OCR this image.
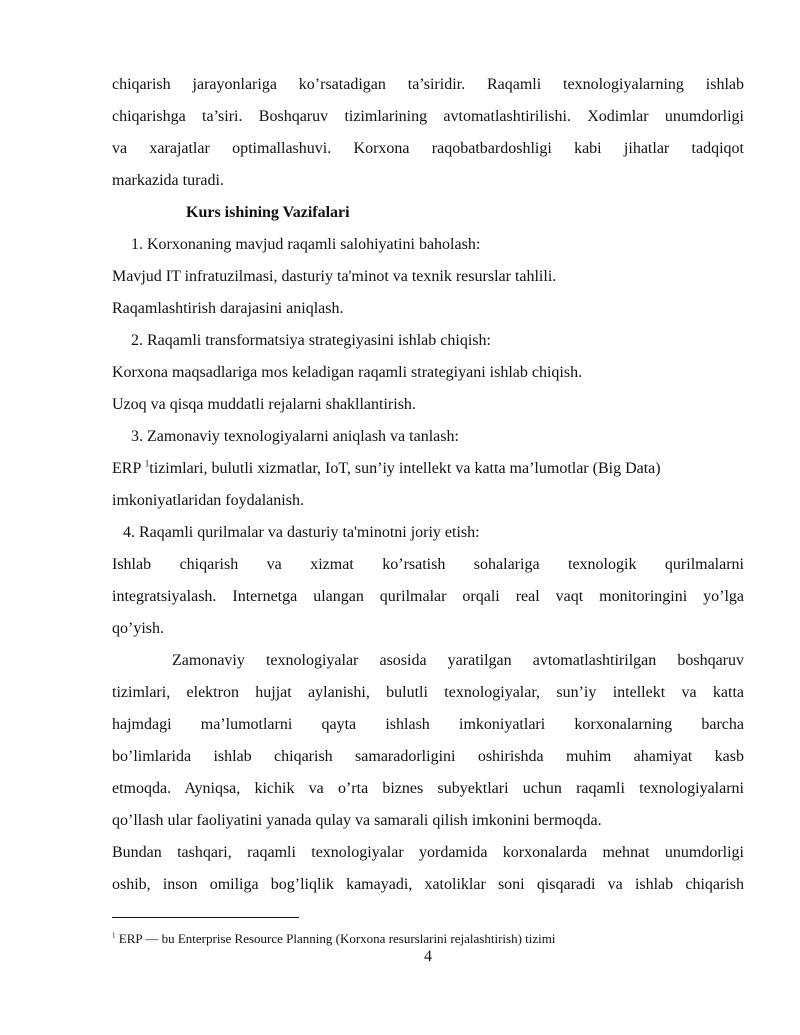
chiqarish jarayonlariga ko’rsatadigan ta’siridir. Raqamli texnologiyalarning ishlab
chiqarishga ta’siri. Boshqaruv tizimlarining avtomatlashtirilishi. Xodimlar unumdorligi
va xarajatlar optimallashuvi. Korxona raqobatbardoshligi kabi jihatlar tadqiqot
markazida turadi.
Kurs ishining Vazifalari
1. Korxonaning mavjud raqamli salohiyatini baholash:
Mavjud IT infratuzilmasi, dasturiy ta'minot va texnik resurslar tahlili.
Raqamlashtirish darajasini aniqlash.
2. Raqamli transformatsiya strategiyasini ishlab chiqish:
Korxona maqsadlariga mos keladigan raqamli strategiyani ishlab chiqish.
Uzoq va qisqa muddatli rejalarni shakllantirish.
3. Zamonaviy texnologiyalarni aniqlash va tanlash:
ERP $^1$tizimlari, bulutli xizmatlar, IoT, sun’iy intellekt va katta ma’lumotlar (Big Data)
imkoniyatlaridan foydalanish.
4. Raqamli qurilmalar va dasturiy ta'minotni joriy etish:
Ishlab chiqarish va xizmat ko’rsatish sohalariga texnologik qurilmalarni
integratsiyalash. Internetga ulangan qurilmalar orqali real vaqt monitoringini yo’lga
qo’yish.
Zamonaviy texnologiyalar asosida yaratilgan avtomatlashtirilgan boshqaruv
tizimlari, elektron hujjat aylanishi, bulutli texnologiyalar, sun’iy intellekt va katta
hajmdagi ma’lumotlarni qayta ishlash imkoniyatlari korxonalarning barcha
bo’limlarida ishlab chiqarish samaradorligini oshirishda muhim ahamiyat kasb
etmoqda. Ayniqsa, kichik va o’rta biznes subyektlari uchun raqamli texnologiyalarni
qo’llash ular faoliyatini yanada qulay va samarali qilish imkonini bermoqda.
Bundan tashqari, raqamli texnologiyalar yordamida korxonalarda mehnat unumdorligi
oshib, inson omiliga bog’liqlik kamayadi, xatoliklar soni qisqaradi va ishlab chiqarish
$^1$ ERP — bu Enterprise Resource Planning (Korxona resurslarini rejalashtirish) tizimi
4
